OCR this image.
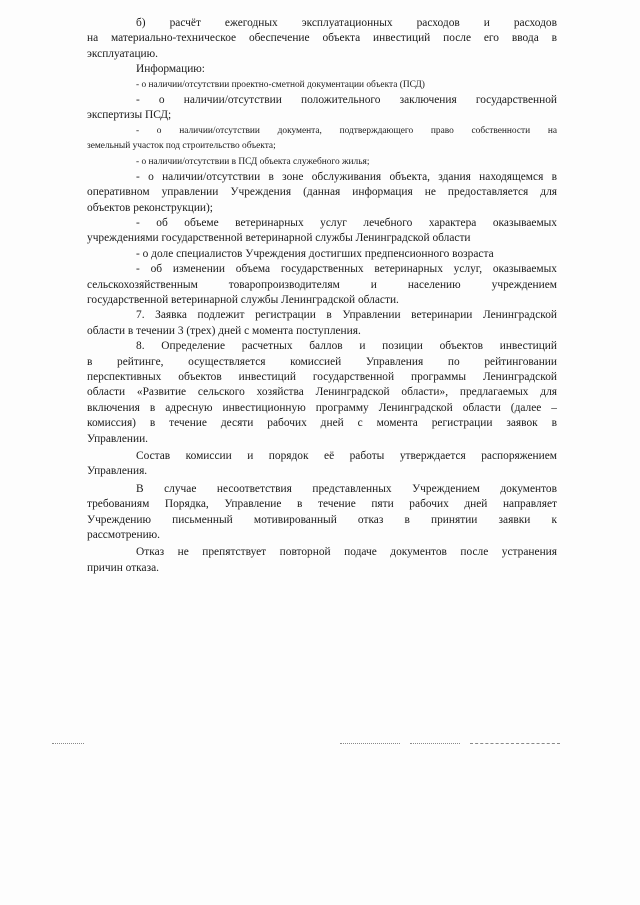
б) расчёт ежегодных эксплуатационных расходов и расходов
на материально-техническое обеспечение объекта инвестиций после его ввода в
эксплуатацию.
Информацию:
- о наличии/отсутствии проектно-сметной документации объекта (ПСД)
- о наличии/отсутствии положительного заключения государственной
экспертизы ПСД;
- о наличии/отсутствии документа, подтверждающего право собственности на
земельный участок под строительство объекта;
- о наличии/отсутствии в ПСД объекта служебного жилья;
- о наличии/отсутствии в зоне обслуживания объекта, здания находящемся в
оперативном управлении Учреждения (данная информация не предоставляется для
объектов реконструкции);
- об объеме ветеринарных услуг лечебного характера оказываемых
учреждениями государственной ветеринарной службы Ленинградской области
- о доле специалистов Учреждения достигших предпенсионного возраста
- об изменении объема государственных ветеринарных услуг, оказываемых
сельскохозяйственным товаропроизводителям и населению учреждением
государственной ветеринарной службы Ленинградской области.
7. Заявка подлежит регистрации в Управлении ветеринарии Ленинградской
области в течении 3 (трех) дней с момента поступления.
8. Определение расчетных баллов и позиции объектов инвестиций
в рейтинге, осуществляется комиссией Управления по рейтинговании
перспективных объектов инвестиций государственной программы Ленинградской
области «Развитие сельского хозяйства Ленинградской области», предлагаемых для
включения в адресную инвестиционную программу Ленинградской области (далее –
комиссия) в течение десяти рабочих дней с момента регистрации заявок в
Управлении.
Состав комиссии и порядок её работы утверждается распоряжением
Управления.
В случае несоответствия представленных Учреждением документов
требованиям Порядка, Управление в течение пяти рабочих дней направляет
Учреждению письменный мотивированный отказ в принятии заявки к
рассмотрению.
Отказ не препятствует повторной подаче документов после устранения
причин отказа.
